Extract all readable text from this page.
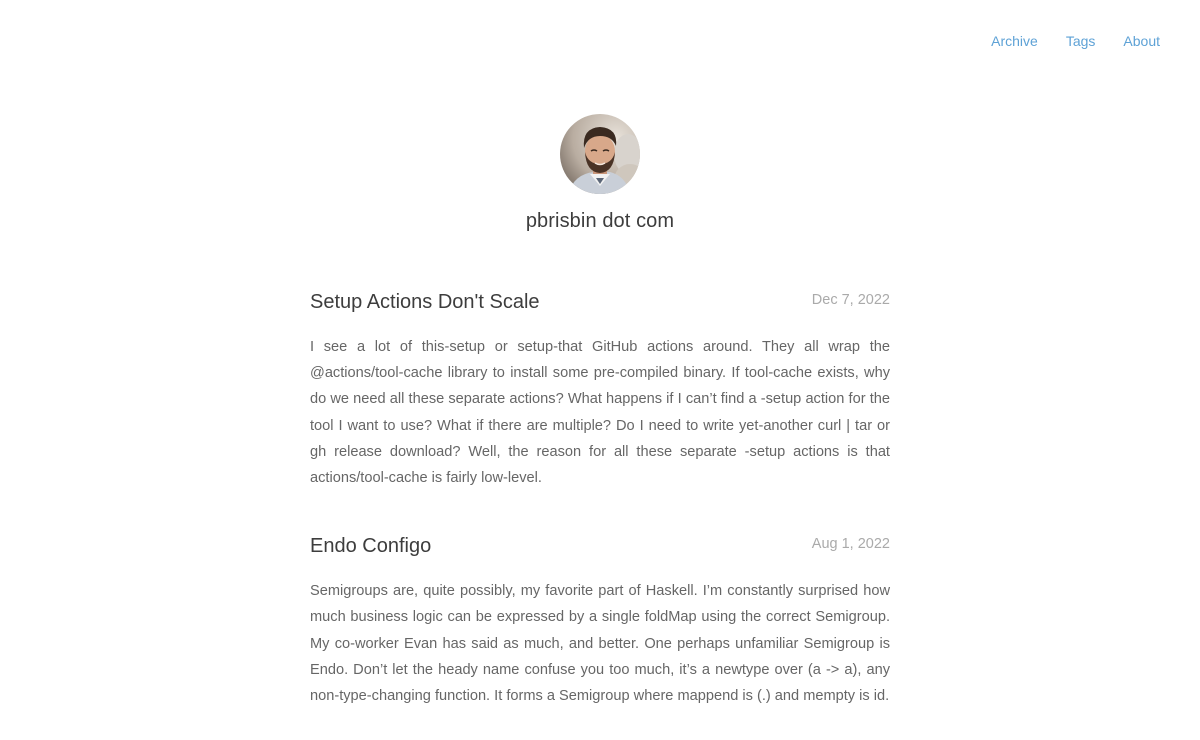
Archive Tags About
pbrisbin dot com
Setup Actions Don't Scale	Dec 7, 2022

I see a lot of this-setup or setup-that GitHub actions around. They all wrap the @actions/tool-cache library to install some pre-compiled binary. If tool-cache exists, why do we need all these separate actions? What happens if I can’t find a -setup action for the tool I want to use? What if there are multiple? Do I need to write yet-another curl | tar or gh release download? Well, the reason for all these separate -setup actions is that actions/tool-cache is fairly low-level.

Endo Configo	Aug 1, 2022

Semigroups are, quite possibly, my favorite part of Haskell. I’m constantly surprised how much business logic can be expressed by a single foldMap using the correct Semigroup. My co-worker Evan has said as much, and better. One perhaps unfamiliar Semigroup is Endo. Don’t let the heady name confuse you too much, it’s a newtype over (a -> a), any non-type-changing function. It forms a Semigroup where mappend is (.) and mempty is id.
